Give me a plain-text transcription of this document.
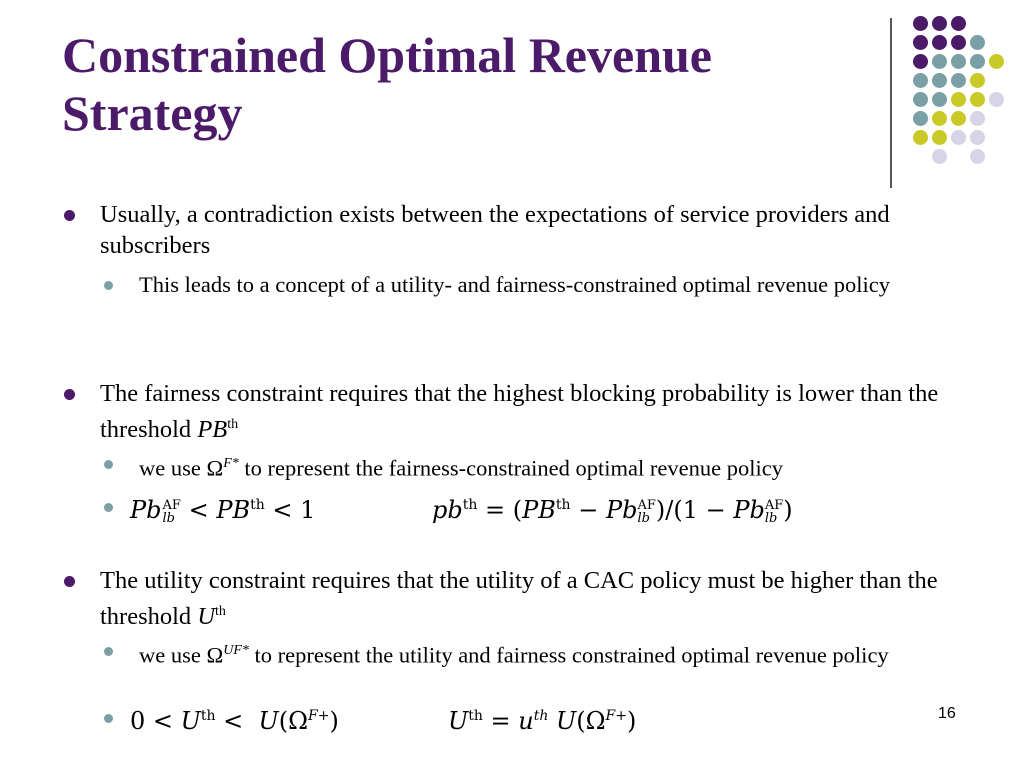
Constrained Optimal Revenue Strategy
Usually, a contradiction exists between the expectations of service providers and subscribers
This leads to a concept of a utility- and fairness-constrained optimal revenue policy
The fairness constraint requires that the highest blocking probability is lower than the threshold $PB^{th}$
we use $\Omega^{F*}$ to represent the fairness-constrained optimal revenue policy
Pb AF
lb < $PB^{th} < 1$	$pb^{th} = (PB^{th} - Pb$ AF
lb )/(1 − Pb AF
lb )
The utility constraint requires that the utility of a CAC policy must be higher than the threshold $U^{th}$
we use $\Omega^{UF*}$ to represent the utility and fairness constrained optimal revenue policy
$0 < U^{th} < U(\Omega^{F+})$	$U^{th} = u^{th}$ $U(\Omega^{F+})$	16
